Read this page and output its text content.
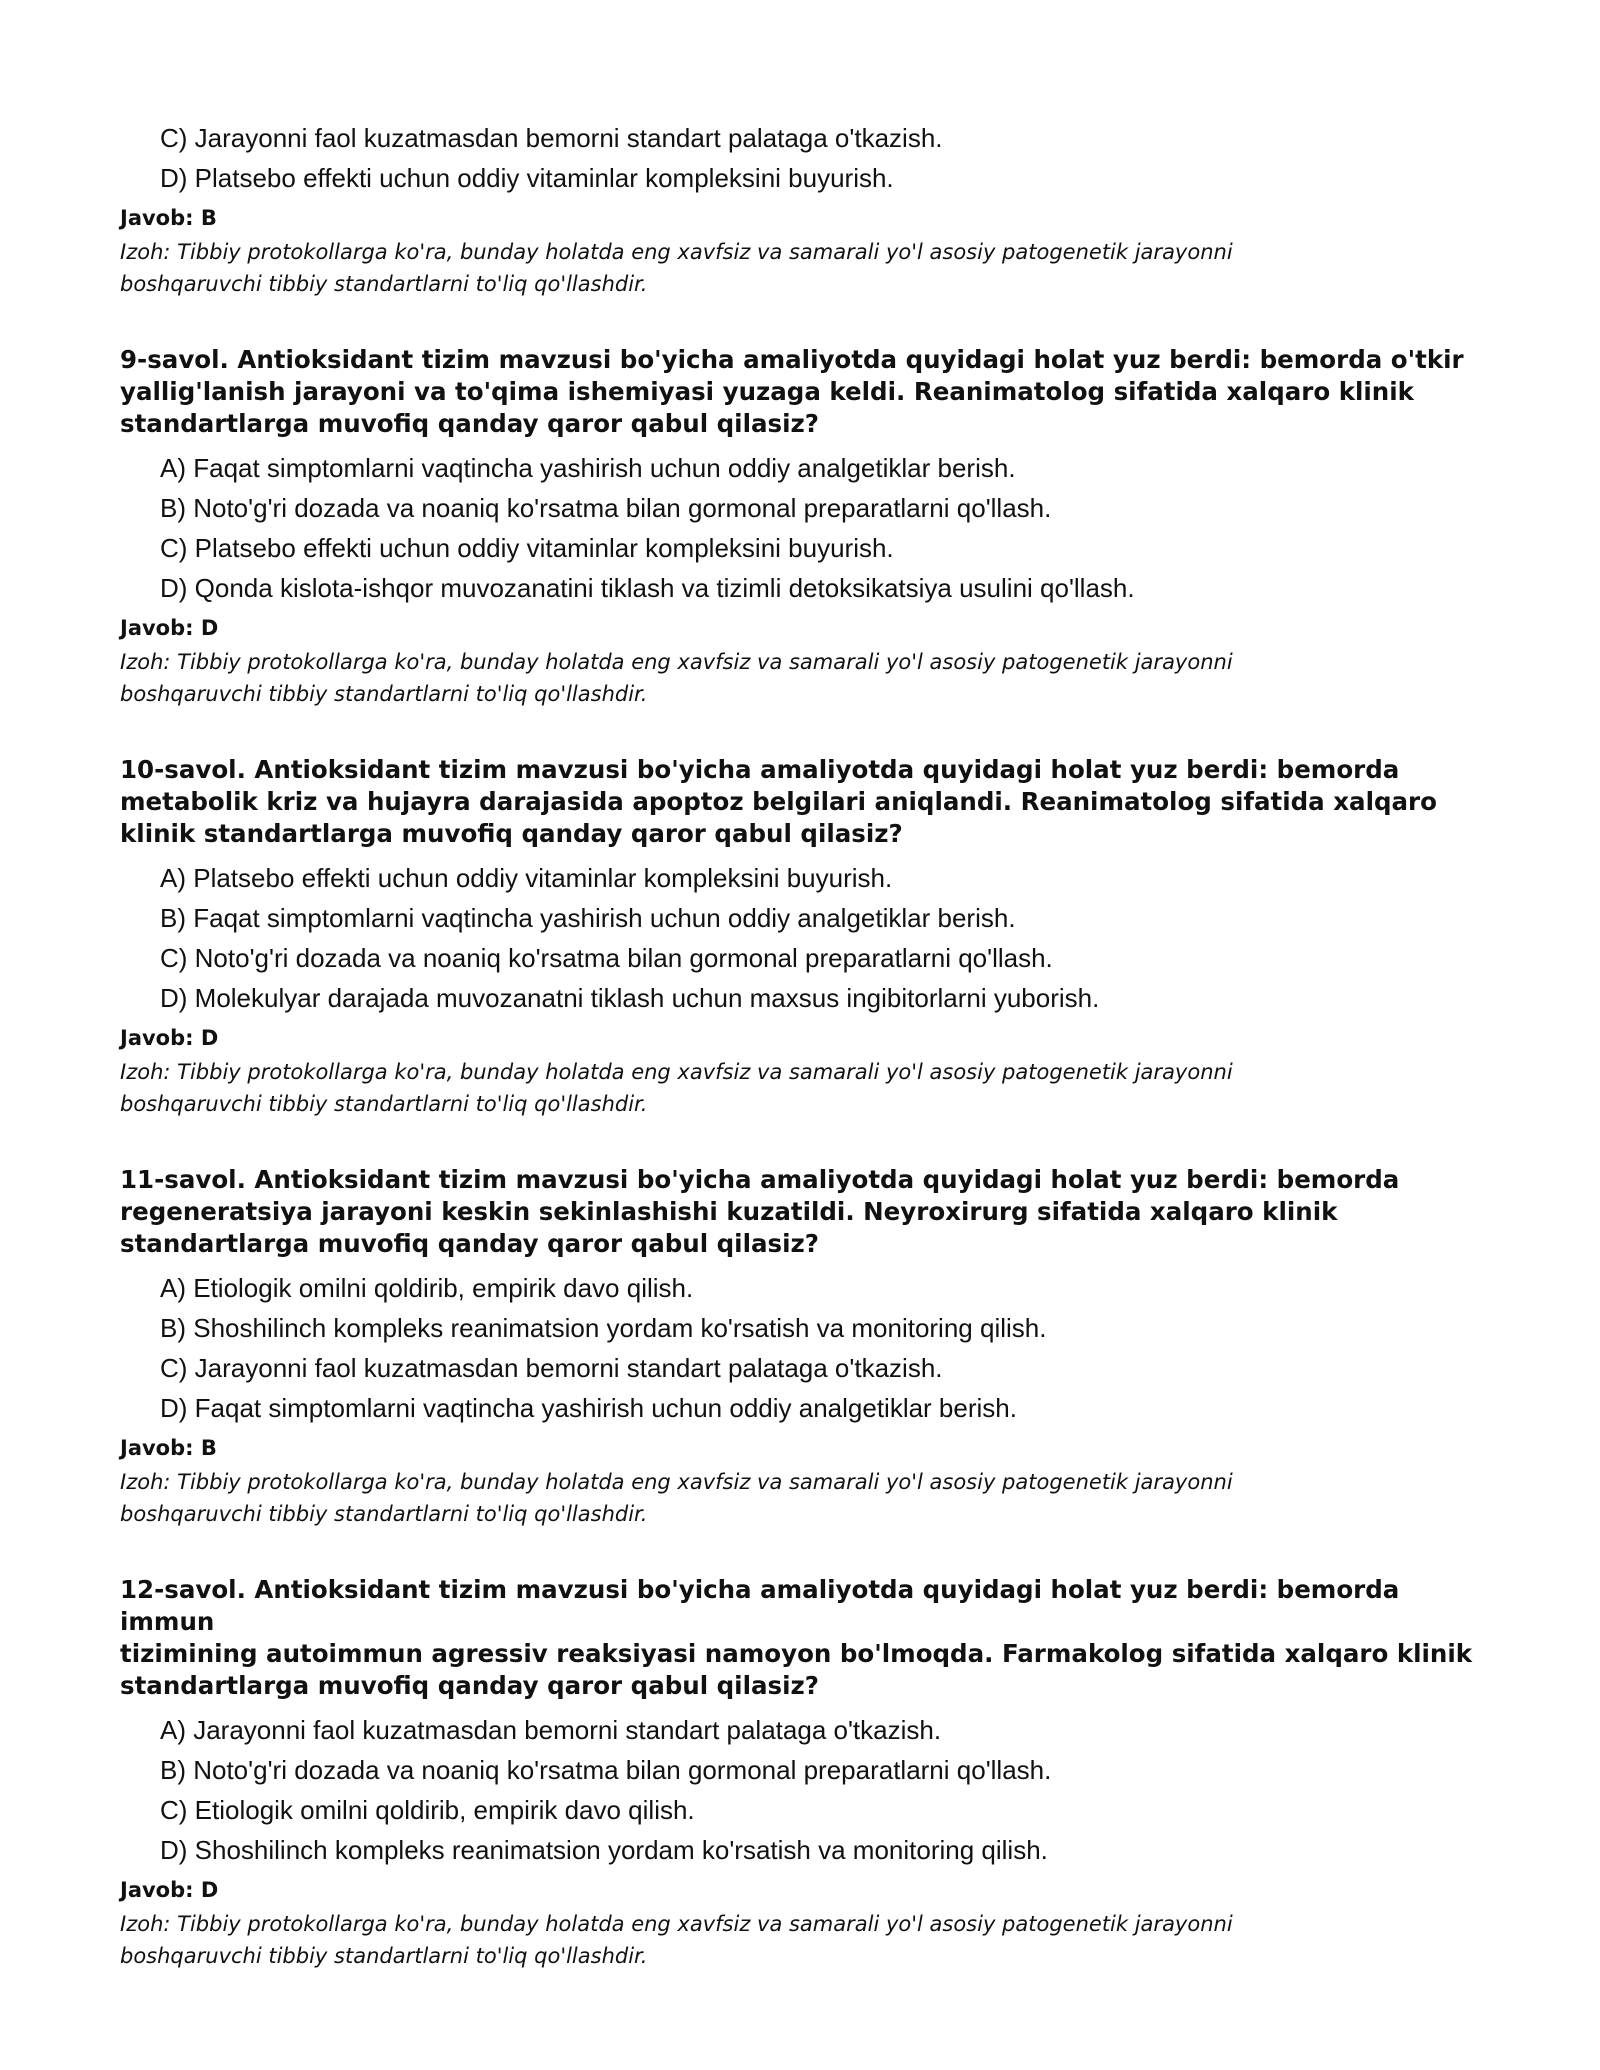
C) Jarayonni faol kuzatmasdan bemorni standart palataga o'tkazish.
D) Platsebo effekti uchun oddiy vitaminlar kompleksini buyurish.
Javob: B
Izoh: Tibbiy protokollarga ko'ra, bunday holatda eng xavfsiz va samarali yo'l asosiy patogenetik jarayonni
boshqaruvchi tibbiy standartlarni to'liq qo'llashdir.
9-savol. Antioksidant tizim mavzusi bo'yicha amaliyotda quyidagi holat yuz berdi: bemorda o'tkir
yallig'lanish jarayoni va to'qima ishemiyasi yuzaga keldi. Reanimatolog sifatida xalqaro klinik
standartlarga muvofiq qanday qaror qabul qilasiz?
A) Faqat simptomlarni vaqtincha yashirish uchun oddiy analgetiklar berish.
B) Noto'g'ri dozada va noaniq ko'rsatma bilan gormonal preparatlarni qo'llash.
C) Platsebo effekti uchun oddiy vitaminlar kompleksini buyurish.
D) Qonda kislota-ishqor muvozanatini tiklash va tizimli detoksikatsiya usulini qo'llash.
Javob: D
Izoh: Tibbiy protokollarga ko'ra, bunday holatda eng xavfsiz va samarali yo'l asosiy patogenetik jarayonni
boshqaruvchi tibbiy standartlarni to'liq qo'llashdir.
10-savol. Antioksidant tizim mavzusi bo'yicha amaliyotda quyidagi holat yuz berdi: bemorda
metabolik kriz va hujayra darajasida apoptoz belgilari aniqlandi. Reanimatolog sifatida xalqaro
klinik standartlarga muvofiq qanday qaror qabul qilasiz?
A) Platsebo effekti uchun oddiy vitaminlar kompleksini buyurish.
B) Faqat simptomlarni vaqtincha yashirish uchun oddiy analgetiklar berish.
C) Noto'g'ri dozada va noaniq ko'rsatma bilan gormonal preparatlarni qo'llash.
D) Molekulyar darajada muvozanatni tiklash uchun maxsus ingibitorlarni yuborish.
Javob: D
Izoh: Tibbiy protokollarga ko'ra, bunday holatda eng xavfsiz va samarali yo'l asosiy patogenetik jarayonni
boshqaruvchi tibbiy standartlarni to'liq qo'llashdir.
11-savol. Antioksidant tizim mavzusi bo'yicha amaliyotda quyidagi holat yuz berdi: bemorda
regeneratsiya jarayoni keskin sekinlashishi kuzatildi. Neyroxirurg sifatida xalqaro klinik
standartlarga muvofiq qanday qaror qabul qilasiz?
A) Etiologik omilni qoldirib, empirik davo qilish.
B) Shoshilinch kompleks reanimatsion yordam ko'rsatish va monitoring qilish.
C) Jarayonni faol kuzatmasdan bemorni standart palataga o'tkazish.
D) Faqat simptomlarni vaqtincha yashirish uchun oddiy analgetiklar berish.
Javob: B
Izoh: Tibbiy protokollarga ko'ra, bunday holatda eng xavfsiz va samarali yo'l asosiy patogenetik jarayonni
boshqaruvchi tibbiy standartlarni to'liq qo'llashdir.
12-savol. Antioksidant tizim mavzusi bo'yicha amaliyotda quyidagi holat yuz berdi: bemorda immun
tizimining autoimmun agressiv reaksiyasi namoyon bo'lmoqda. Farmakolog sifatida xalqaro klinik
standartlarga muvofiq qanday qaror qabul qilasiz?
A) Jarayonni faol kuzatmasdan bemorni standart palataga o'tkazish.
B) Noto'g'ri dozada va noaniq ko'rsatma bilan gormonal preparatlarni qo'llash.
C) Etiologik omilni qoldirib, empirik davo qilish.
D) Shoshilinch kompleks reanimatsion yordam ko'rsatish va monitoring qilish.
Javob: D
Izoh: Tibbiy protokollarga ko'ra, bunday holatda eng xavfsiz va samarali yo'l asosiy patogenetik jarayonni
boshqaruvchi tibbiy standartlarni to'liq qo'llashdir.
